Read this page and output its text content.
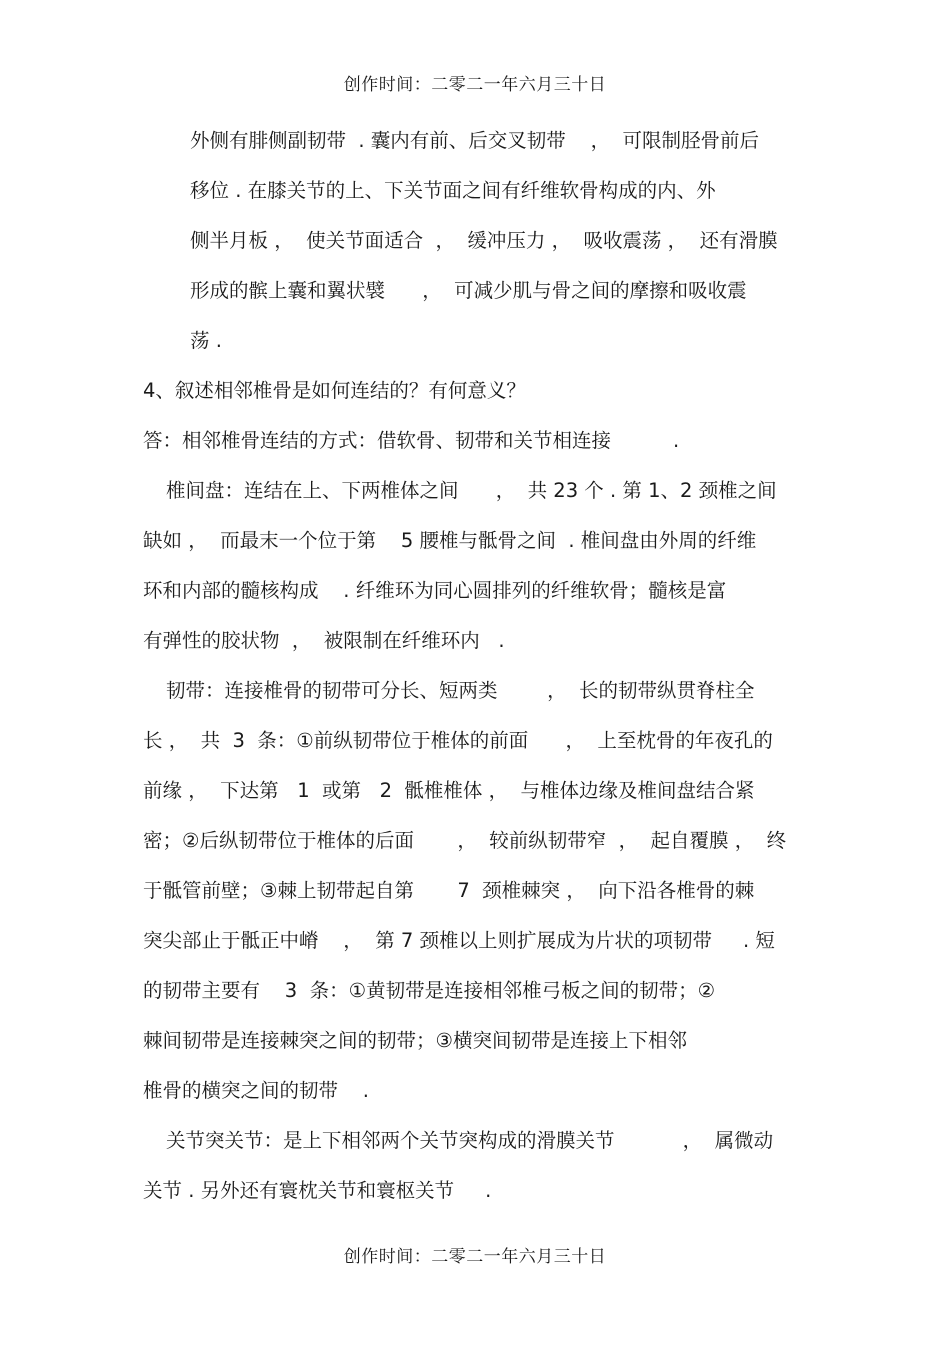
创作时间：二零二一年六月三十日
外侧有腓侧副韧带  . 囊内有前、后交叉韧带    ，  可限制胫骨前后
移位 . 在膝关节的上、下关节面之间有纤维软骨构成的内、外
侧半月板 ，  使关节面适合  ，  缓冲压力 ，  吸收震荡 ，  还有滑膜
形成的髌上囊和翼状襞      ，  可减少肌与骨之间的摩擦和吸收震
荡 .
4、叙述相邻椎骨是如何连结的？有何意义？
答：相邻椎骨连结的方式：借软骨、韧带和关节相连接          .
椎间盘：连结在上、下两椎体之间      ，  共 23 个 . 第 1、2 颈椎之间
缺如 ，  而最末一个位于第    5 腰椎与骶骨之间  . 椎间盘由外周的纤维
环和内部的髓核构成    . 纤维环为同心圆排列的纤维软骨；髓核是富
有弹性的胶状物  ，  被限制在纤维环内   .
韧带：连接椎骨的韧带可分长、短两类        ，  长的韧带纵贯脊柱全
长 ，  共  3  条：①前纵韧带位于椎体的前面      ，  上至枕骨的年夜孔的
前缘 ，  下达第   1  或第   2  骶椎椎体 ，  与椎体边缘及椎间盘结合紧
密；②后纵韧带位于椎体的后面       ，  较前纵韧带窄  ，  起自覆膜 ，  终
于骶管前壁；③棘上韧带起自第       7  颈椎棘突 ，  向下沿各椎骨的棘
突尖部止于骶正中嵴    ，  第 7 颈椎以上则扩展成为片状的项韧带     . 短
的韧带主要有    3  条：①黄韧带是连接相邻椎弓板之间的韧带；②
棘间韧带是连接棘突之间的韧带；③横突间韧带是连接上下相邻
椎骨的横突之间的韧带    .
关节突关节：是上下相邻两个关节突构成的滑膜关节           ，  属微动
关节 . 另外还有寰枕关节和寰枢关节     .
创作时间：二零二一年六月三十日
